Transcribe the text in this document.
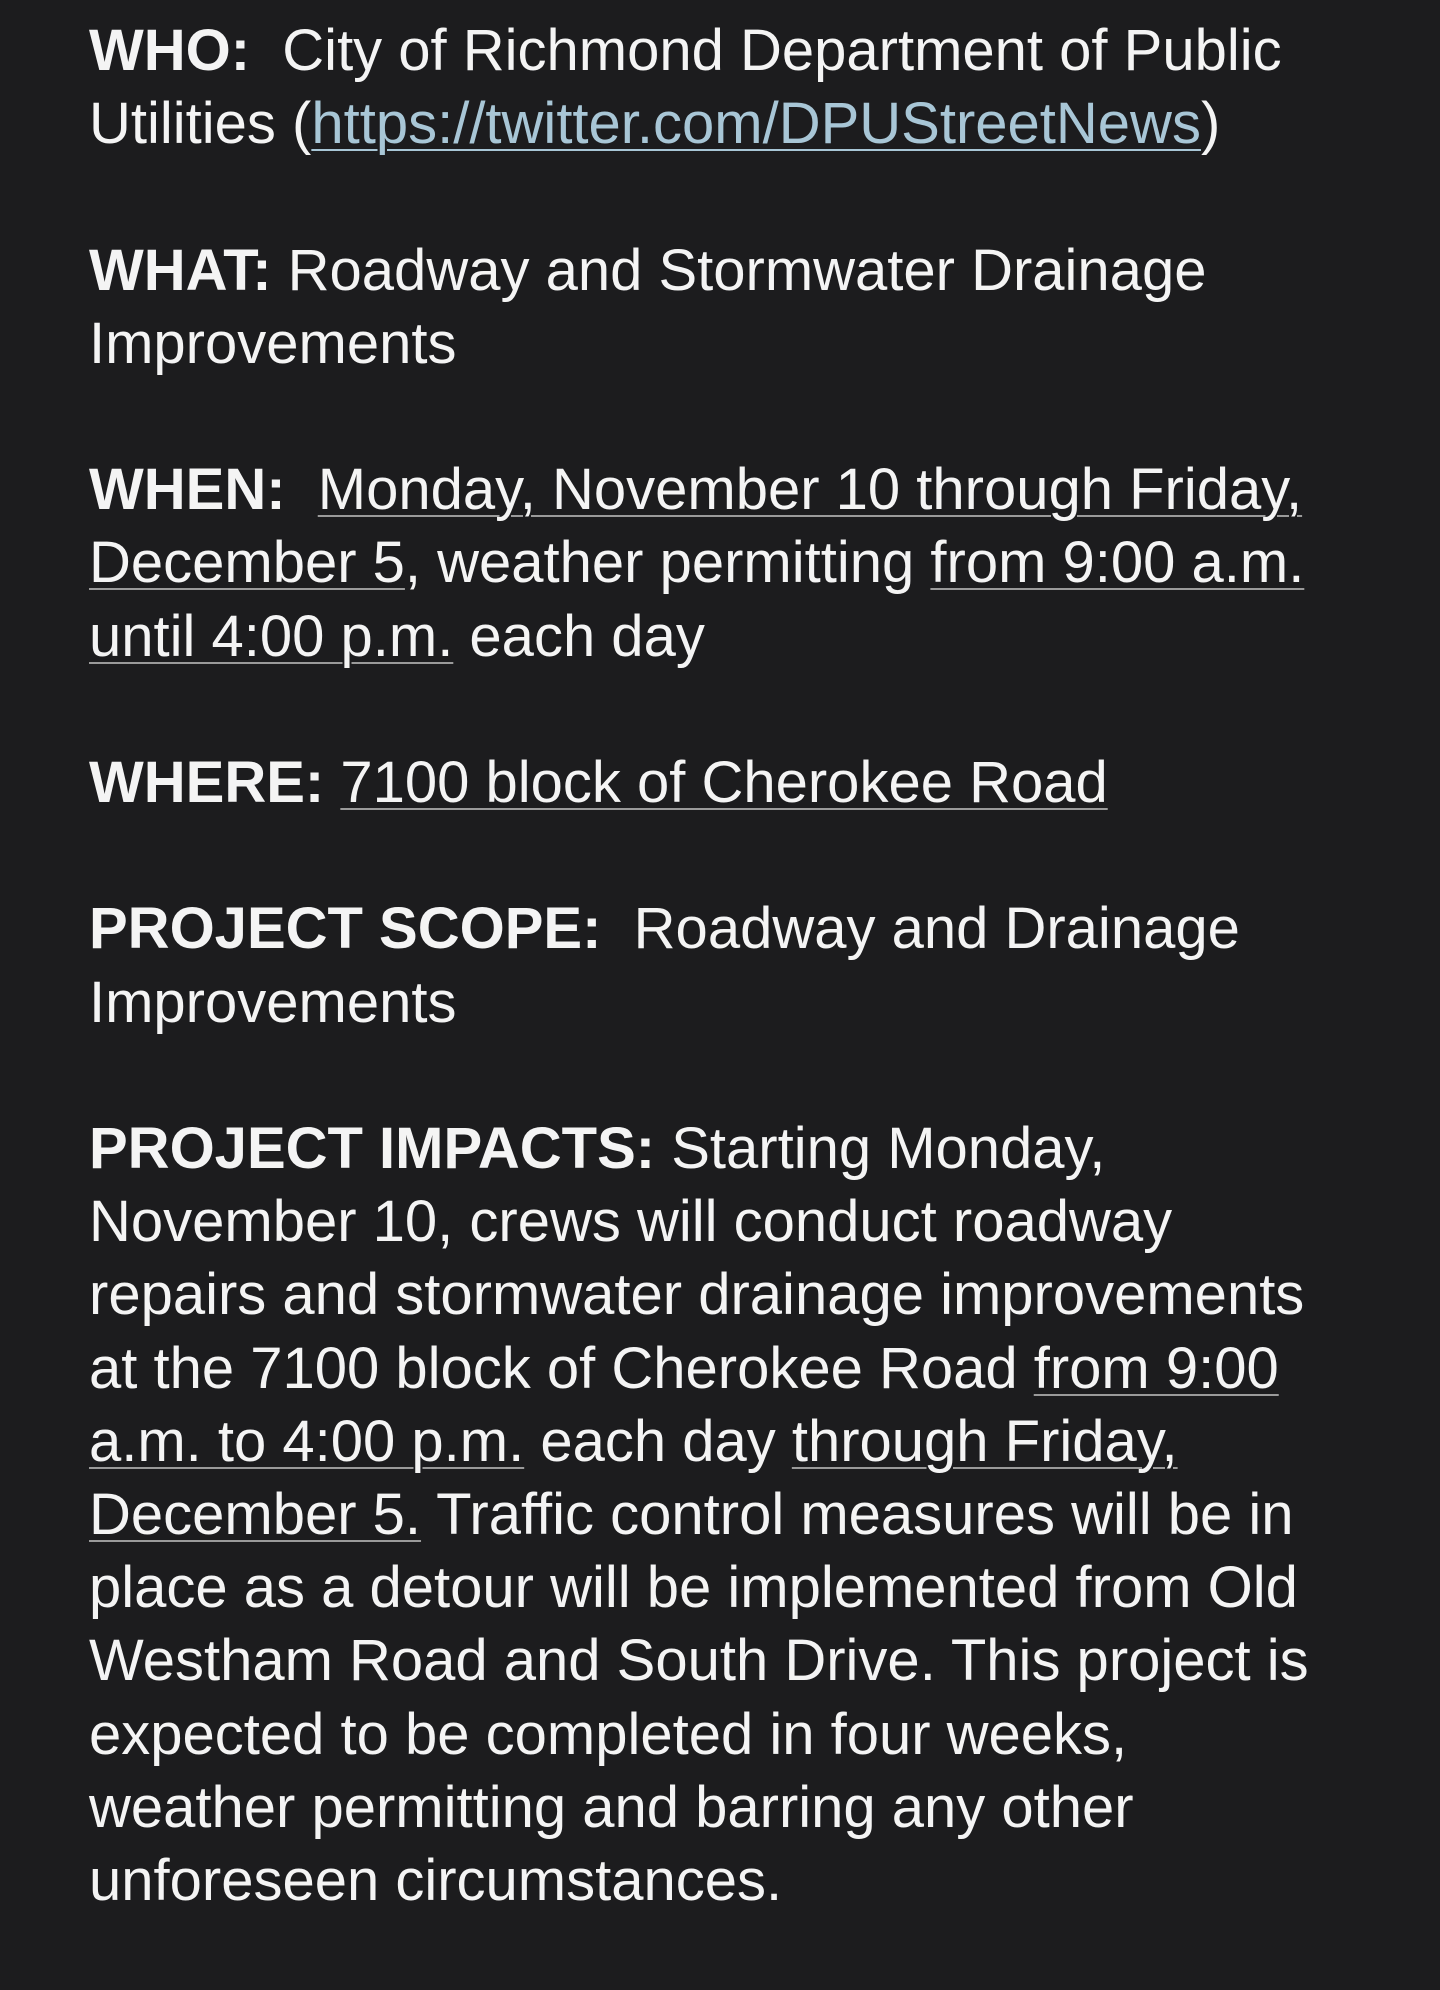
WHO: City of Richmond Department of Public
Utilities (https://twitter.com/DPUStreetNews)
WHAT: Roadway and Stormwater Drainage
Improvements
WHEN: Monday, November 10 through Friday,
December 5, weather permitting from 9:00 a.m.
until 4:00 p.m. each day
WHERE: 7100 block of Cherokee Road
PROJECT SCOPE: Roadway and Drainage
Improvements
PROJECT IMPACTS: Starting Monday,
November 10, crews will conduct roadway
repairs and stormwater drainage improvements
at the 7100 block of Cherokee Road from 9:00
a.m. to 4:00 p.m. each day through Friday,
December 5. Traffic control measures will be in
place as a detour will be implemented from Old
Westham Road and South Drive. This project is
expected to be completed in four weeks,
weather permitting and barring any other
unforeseen circumstances.
